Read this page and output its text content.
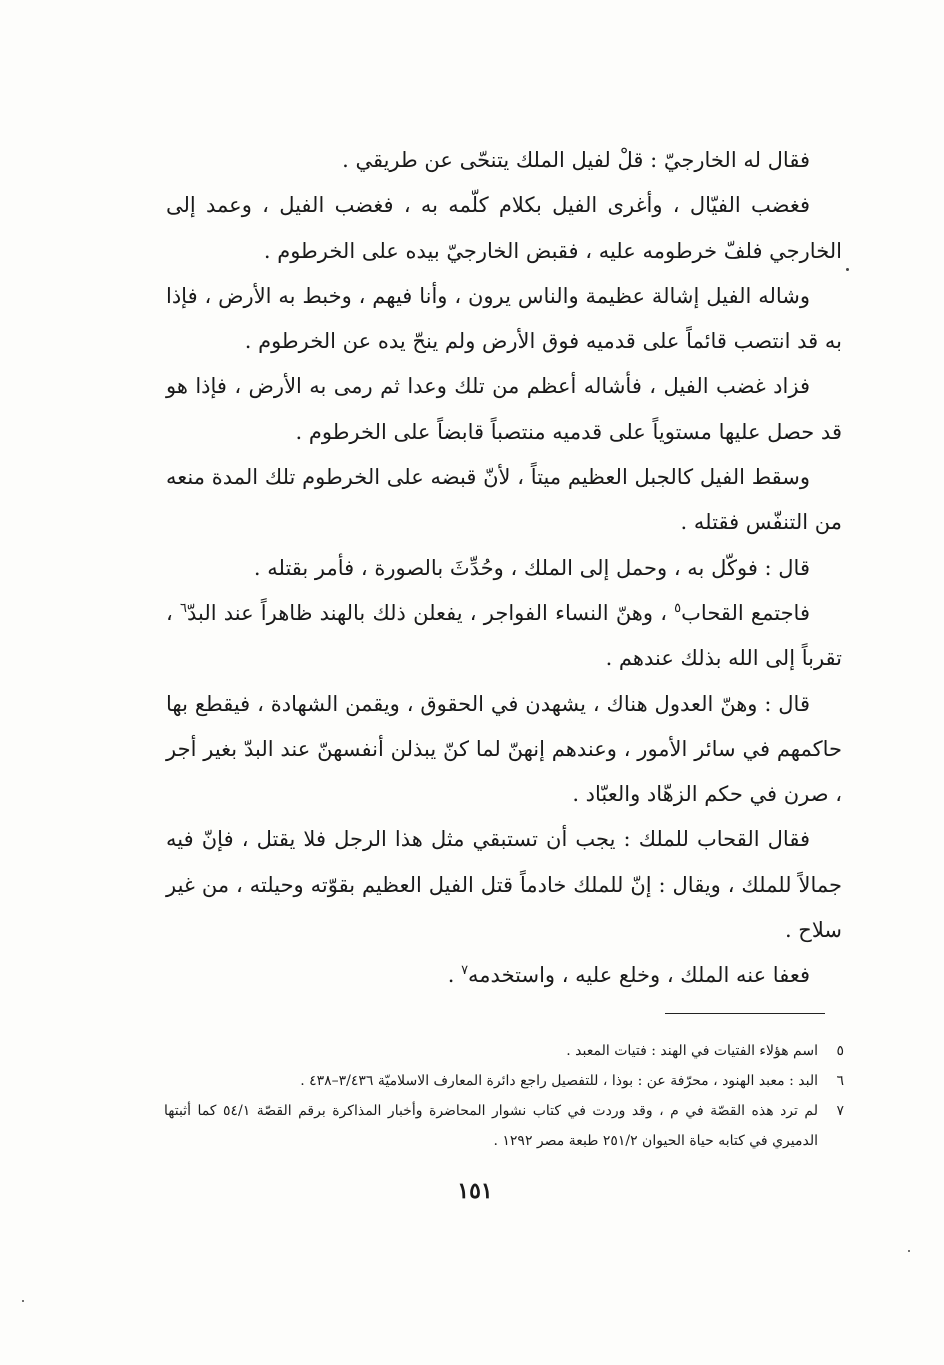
فقال له الخارجيّ : قلْ لفيل الملك يتنحّى عن طريقي .

فغضب الفيّال ، وأغرى الفيل بكلام كلّمه به ، فغضب الفيل ، وعمد إلى الخارجي فلفّ خرطومه عليه ، فقبض الخارجيّ بيده على الخرطوم .

وشاله الفيل إشالة عظيمة والناس يرون ، وأنا فيهم ، وخبط به الأرض ، فإذا به قد انتصب قائماً على قدميه فوق الأرض ولم ينحّ يده عن الخرطوم .

فزاد غضب الفيل ، فأشاله أعظم من تلك وعدا ثم رمى به الأرض ، فإذا هو قد حصل عليها مستوياً على قدميه منتصباً قابضاً على الخرطوم .

وسقط الفيل كالجبل العظيم ميتاً ، لأنّ قبضه على الخرطوم تلك المدة منعه من التنفّس فقتله .

قال : فوكّل به ، وحمل إلى الملك ، وحُدِّثَ بالصورة ، فأمر بقتله .

فاجتمع القحاب$^٥$ ، وهنّ النساء الفواجر ، يفعلن ذلك بالهند ظاهراً عند البدّ$^٦$ ، تقرباً إلى الله بذلك عندهم .

قال : وهنّ العدول هناك ، يشهدن في الحقوق ، ويقمن الشهادة ، فيقطع بها حاكمهم في سائر الأمور ، وعندهم إنهنّ لما كنّ يبذلن أنفسهنّ عند البدّ بغير أجر ، صرن في حكم الزهّاد والعبّاد .

فقال القحاب للملك : يجب أن تستبقي مثل هذا الرجل فلا يقتل ، فإنّ فيه جمالاً للملك ، ويقال : إنّ للملك خادماً قتل الفيل العظيم بقوّته وحيلته ، من غير سلاح .

فعفا عنه الملك ، وخلع عليه ، واستخدمه$^٧$ .

٥
اسم هؤلاء الفتيات في الهند : فتيات المعبد .
٦
البد : معبد الهنود ، محرّفة عن : بوذا ، للتفصيل راجع دائرة المعارف الاسلاميّة ٣/٤٣٦–٤٣٨ .
٧
لم ترد هذه القصّة في م ، وقد وردت في كتاب نشوار المحاضرة وأخبار المذاكرة برقم القصّة ٥٤/١ كما أثبتها الدميري في كتابه حياة الحيوان ٢٥١/٢ طبعة مصر ١٢٩٢ .
١٥١
